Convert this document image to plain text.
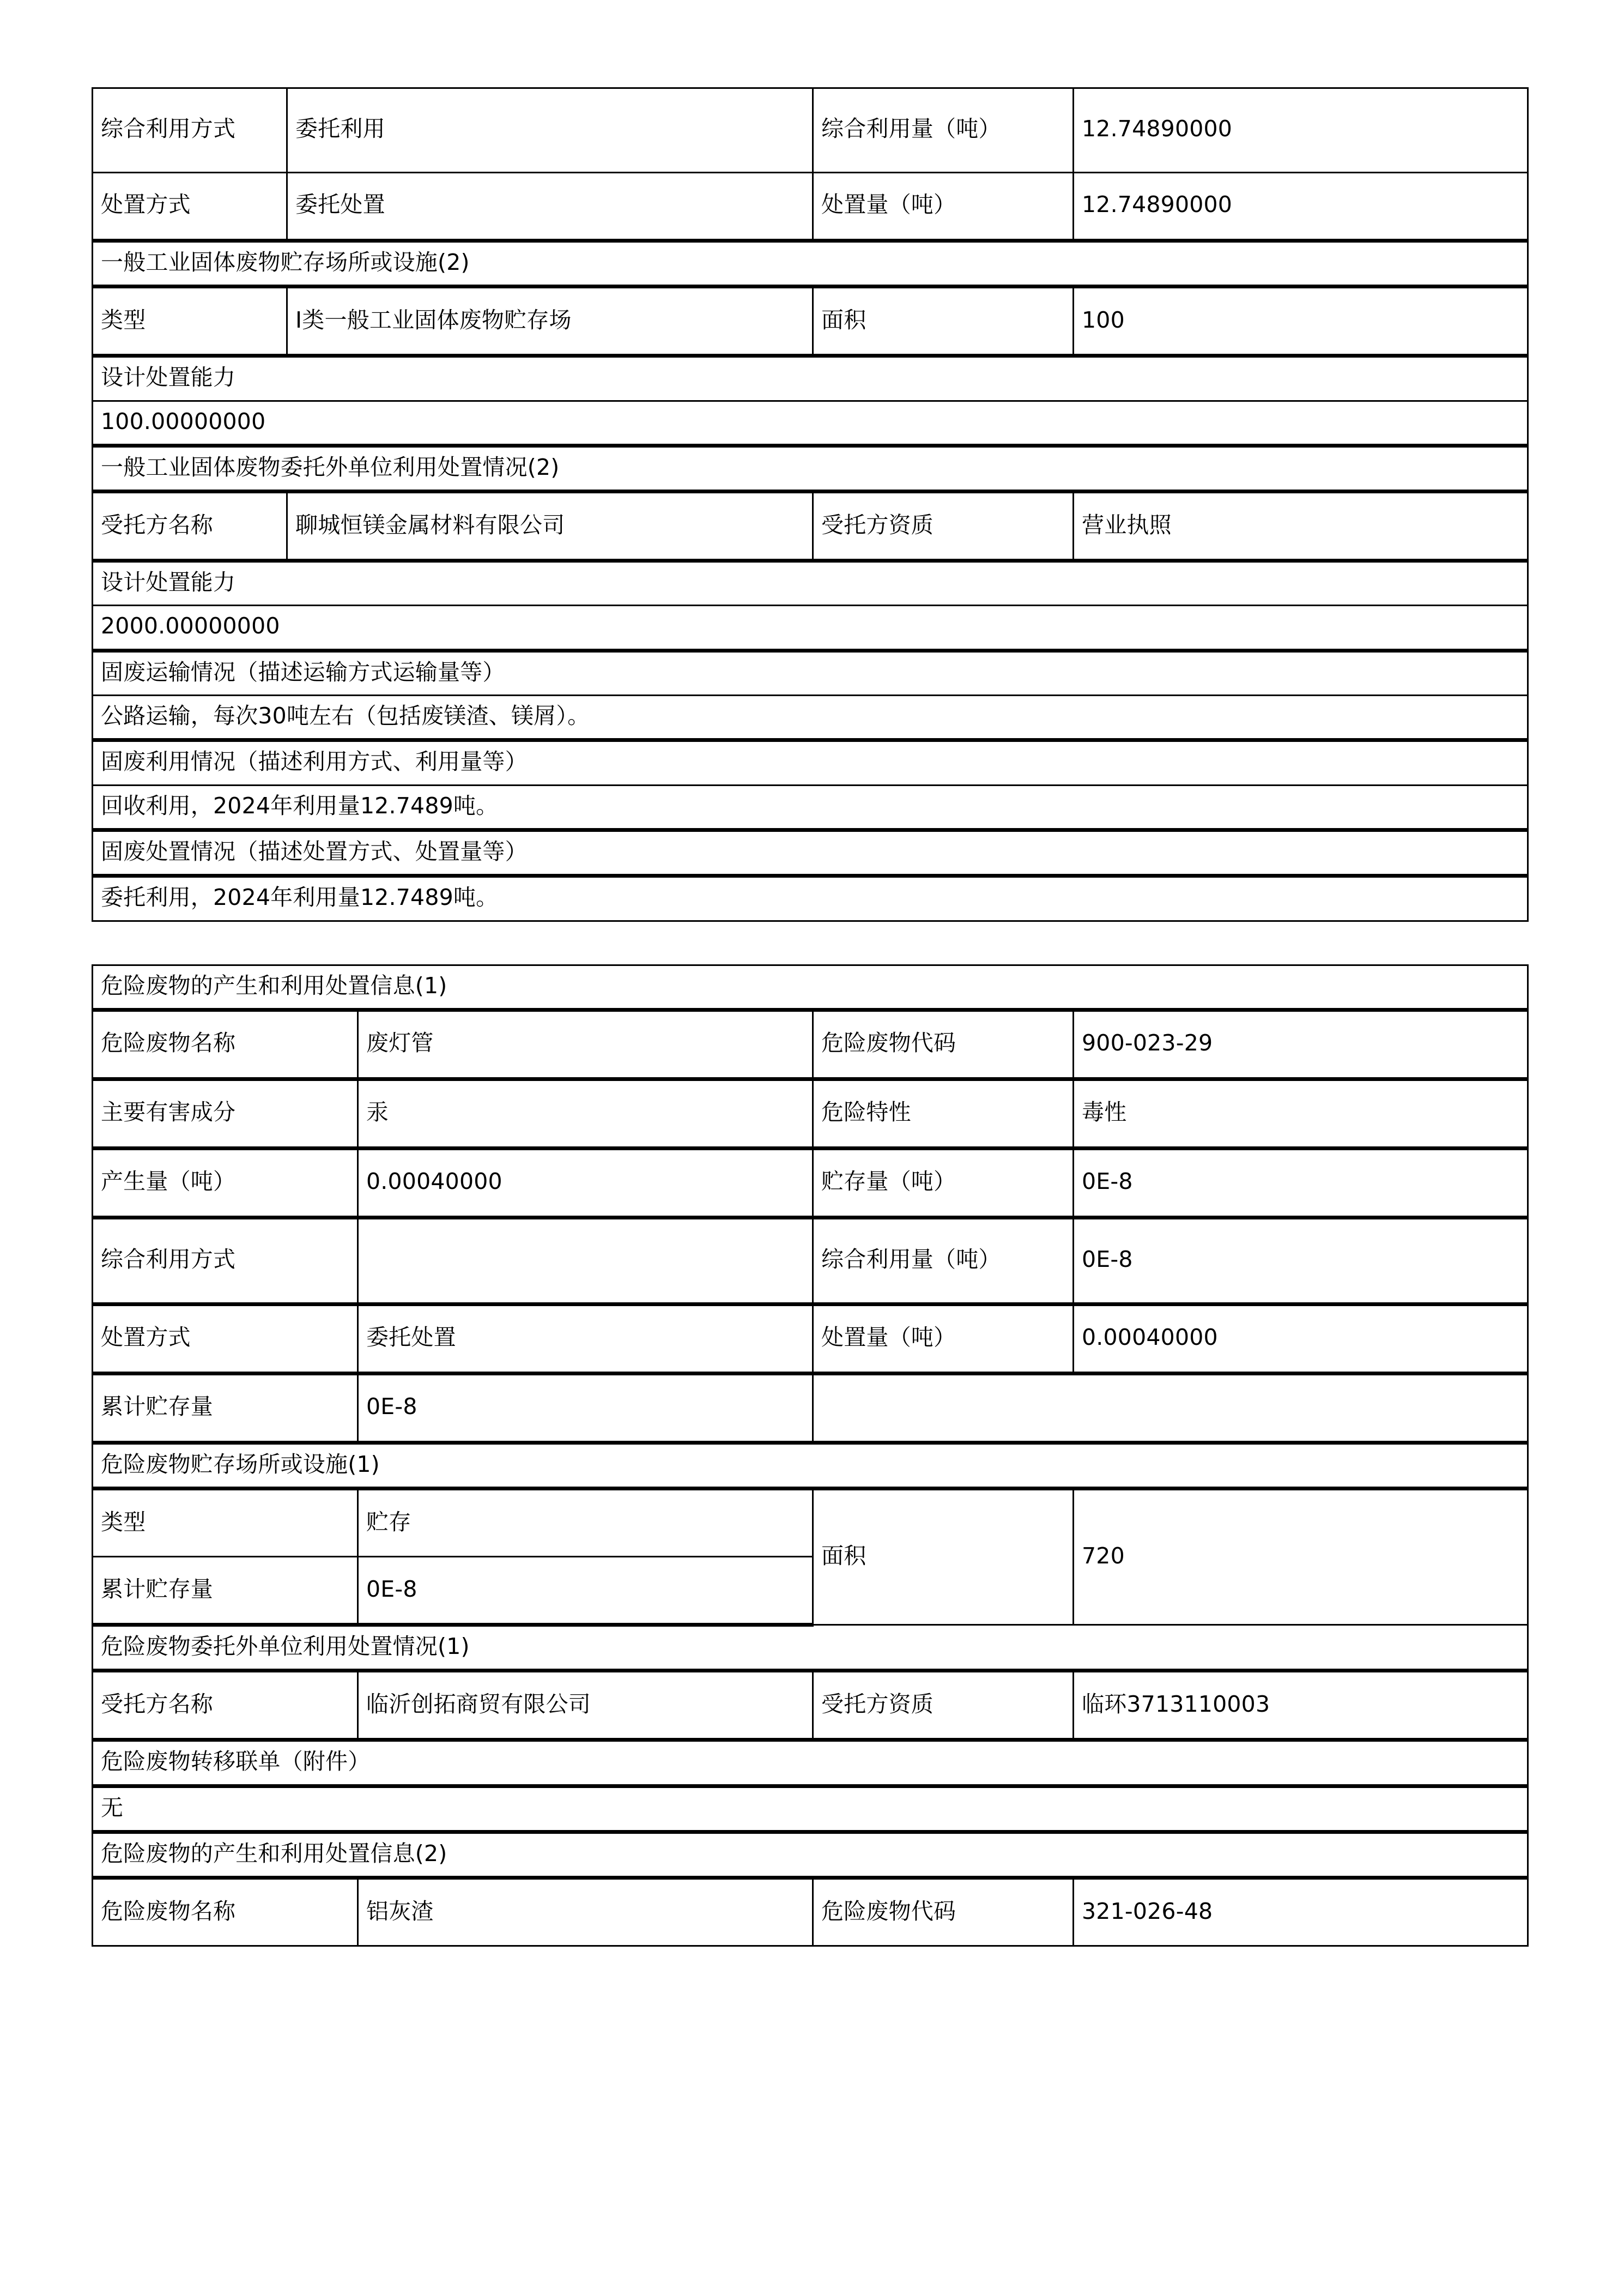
综合利用方式	委托利用	综合利用量（吨）	12.74890000
处置方式	委托处置	处置量（吨）	12.74890000
一般工业固体废物贮存场所或设施(2)			
类型	I类一般工业固体废物贮存场	面积	100
设计处置能力			
100.00000000			
一般工业固体废物委托外单位利用处置情况(2)			
受托方名称	聊城恒镁金属材料有限公司	受托方资质	营业执照
设计处置能力			
2000.00000000			
固废运输情况（描述运输方式运输量等）			
公路运输，每次30吨左右（包括废镁渣、镁屑）。			
固废利用情况（描述利用方式、利用量等）			
回收利用，2024年利用量12.7489吨。			
固废处置情况（描述处置方式、处置量等）			
委托利用，2024年利用量12.7489吨。			
危险废物的产生和利用处置信息(1)			
危险废物名称	废灯管	危险废物代码	900-023-29
主要有害成分	汞	危险特性	毒性
产生量（吨）	0.00040000	贮存量（吨）	0E-8
综合利用方式		综合利用量（吨）	0E-8
处置方式	委托处置	处置量（吨）	0.00040000
累计贮存量	0E-8		
危险废物贮存场所或设施(1)			
类型	贮存	面积	720
累计贮存量	0E-8		
危险废物委托外单位利用处置情况(1)			
受托方名称	临沂创拓商贸有限公司	受托方资质	临环3713110003
危险废物转移联单（附件）			
无			
危险废物的产生和利用处置信息(2)			
危险废物名称	铝灰渣	危险废物代码	321-026-48
